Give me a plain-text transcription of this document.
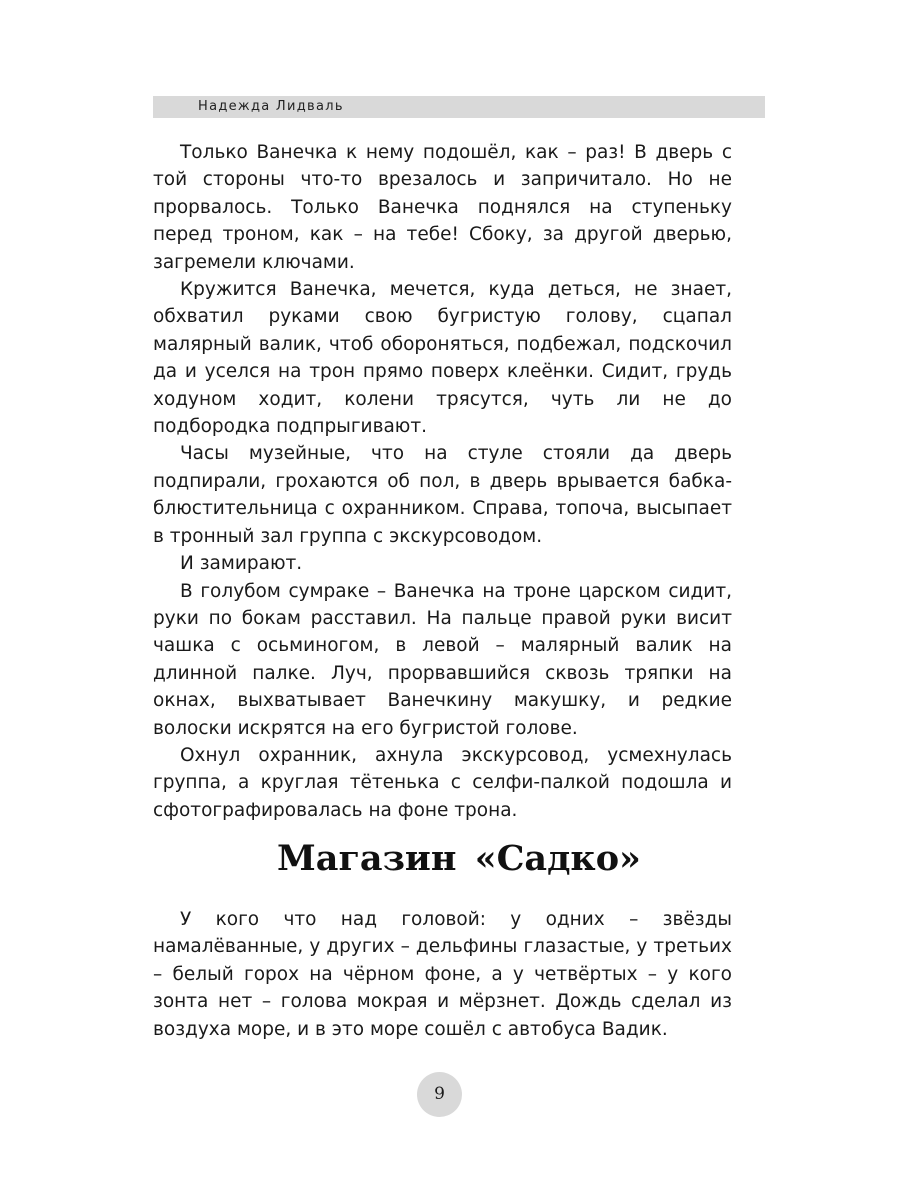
Надежда Лидваль

Только Ванечка к нему подошёл, как – раз! В дверь с той стороны что-то врезалось и запричитало. Но не прорвалось. Только Ванечка поднялся на ступеньку перед троном, как – на тебе! Сбоку, за другой дверью, загремели ключами.

Кружится Ванечка, мечется, куда деться, не знает, обхватил руками свою бугристую голову, сцапал малярный валик, чтоб обороняться, подбежал, подскочил да и уселся на трон прямо поверх клеёнки. Сидит, грудь ходуном ходит, колени трясутся, чуть ли не до подбородка подпрыгивают.

Часы музейные, что на стуле стояли да дверь подпирали, грохаются об пол, в дверь врывается бабка-блюстительница с охранником. Справа, топоча, высыпает в тронный зал группа с экскурсоводом.

И замирают.

В голубом сумраке – Ванечка на троне царском сидит, руки по бокам расставил. На пальце правой руки висит чашка с осьминогом, в левой – малярный валик на длинной палке. Луч, прорвавшийся сквозь тряпки на окнах, выхватывает Ванечкину макушку, и редкие волоски искрятся на его бугристой голове.

Охнул охранник, ахнула экскурсовод, усмехнулась группа, а круглая тётенька с селфи-палкой подошла и сфотографировалась на фоне трона.

Магазин «Садко»

У кого что над головой: у одних – звёзды намалёванные, у других – дельфины глазастые, у третьих – белый горох на чёрном фоне, а у четвёртых – у кого зонта нет – голова мокрая и мёрзнет. Дождь сделал из воздуха море, и в это море сошёл с автобуса Вадик.

9
